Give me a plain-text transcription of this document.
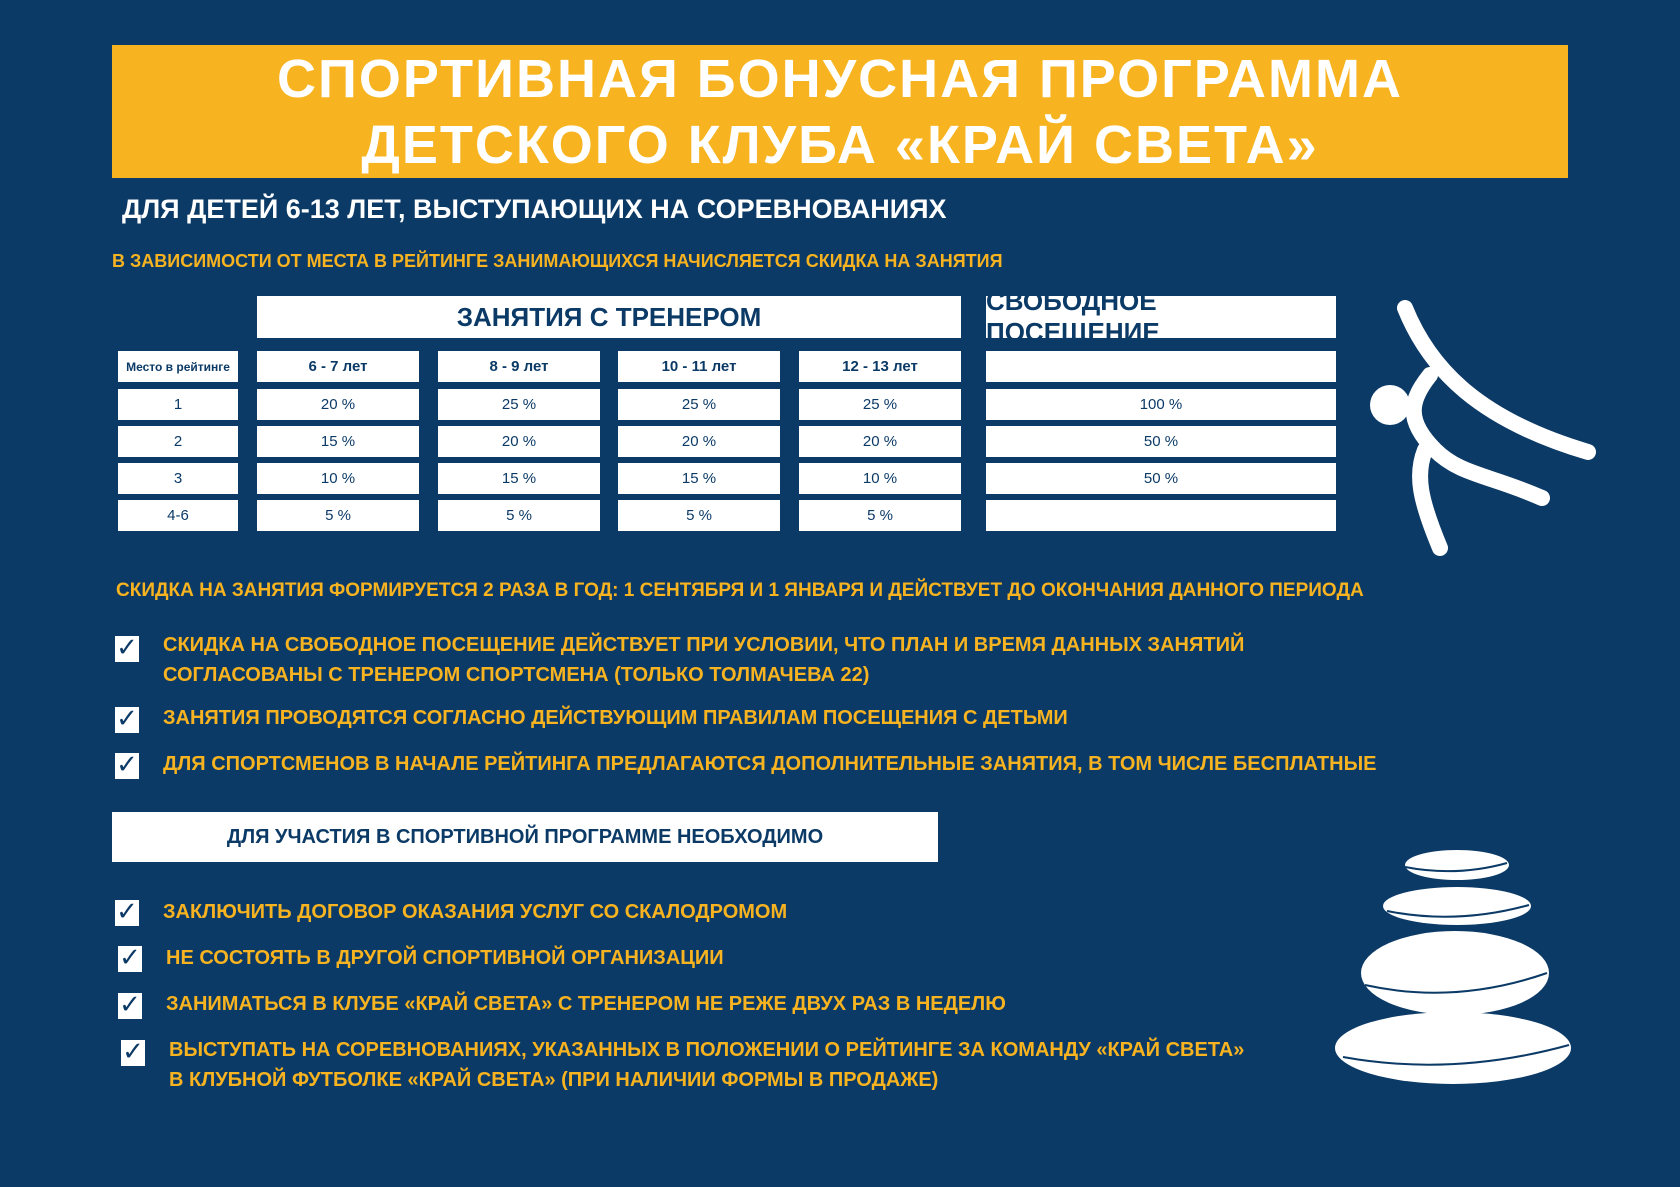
СПОРТИВНАЯ БОНУСНАЯ ПРОГРАММА
ДЕТСКОГО КЛУБА «КРАЙ СВЕТА»
ДЛЯ ДЕТЕЙ 6-13 ЛЕТ, ВЫСТУПАЮЩИХ НА СОРЕВНОВАНИЯХ
В ЗАВИСИМОСТИ ОТ МЕСТА В РЕЙТИНГЕ ЗАНИМАЮЩИХСЯ НАЧИСЛЯЕТСЯ СКИДКА НА ЗАНЯТИЯ
ЗАНЯТИЯ С ТРЕНЕРОМ
СВОБОДНОЕ ПОСЕЩЕНИЕ
Место в рейтинге
1
2
3
4-6
6 - 7 лет
20 %
15 %
10 %
5 %
8 - 9 лет
25 %
20 %
15 %
5 %
10 - 11 лет
25 %
20 %
15 %
5 %
12 - 13 лет
25 %
20 %
10 %
5 %
100 %
50 %
50 %
СКИДКА НА ЗАНЯТИЯ ФОРМИРУЕТСЯ 2 РАЗА В ГОД: 1 СЕНТЯБРЯ И 1 ЯНВАРЯ И ДЕЙСТВУЕТ ДО ОКОНЧАНИЯ ДАННОГО ПЕРИОДА
✓ СКИДКА НА СВОБОДНОЕ ПОСЕЩЕНИЕ ДЕЙСТВУЕТ ПРИ УСЛОВИИ, ЧТО ПЛАН И ВРЕМЯ ДАННЫХ ЗАНЯТИЙ
СОГЛАСОВАНЫ С ТРЕНЕРОМ СПОРТСМЕНА (ТОЛЬКО ТОЛМАЧЕВА 22)
✓ ЗАНЯТИЯ ПРОВОДЯТСЯ СОГЛАСНО ДЕЙСТВУЮЩИМ ПРАВИЛАМ ПОСЕЩЕНИЯ С ДЕТЬМИ
✓ ДЛЯ СПОРТСМЕНОВ В НАЧАЛЕ РЕЙТИНГА ПРЕДЛАГАЮТСЯ ДОПОЛНИТЕЛЬНЫЕ ЗАНЯТИЯ, В ТОМ ЧИСЛЕ БЕСПЛАТНЫЕ
ДЛЯ УЧАСТИЯ В СПОРТИВНОЙ ПРОГРАММЕ НЕОБХОДИМО
✓ ЗАКЛЮЧИТЬ ДОГОВОР ОКАЗАНИЯ УСЛУГ СО СКАЛОДРОМОМ
✓ НЕ СОСТОЯТЬ В ДРУГОЙ СПОРТИВНОЙ ОРГАНИЗАЦИИ
✓ ЗАНИМАТЬСЯ В КЛУБЕ «КРАЙ СВЕТА» С ТРЕНЕРОМ НЕ РЕЖЕ ДВУХ РАЗ В НЕДЕЛЮ
✓ ВЫСТУПАТЬ НА СОРЕВНОВАНИЯХ, УКАЗАННЫХ В ПОЛОЖЕНИИ О РЕЙТИНГЕ ЗА КОМАНДУ «КРАЙ СВЕТА»
В КЛУБНОЙ ФУТБОЛКЕ «КРАЙ СВЕТА» (ПРИ НАЛИЧИИ ФОРМЫ В ПРОДАЖЕ)
